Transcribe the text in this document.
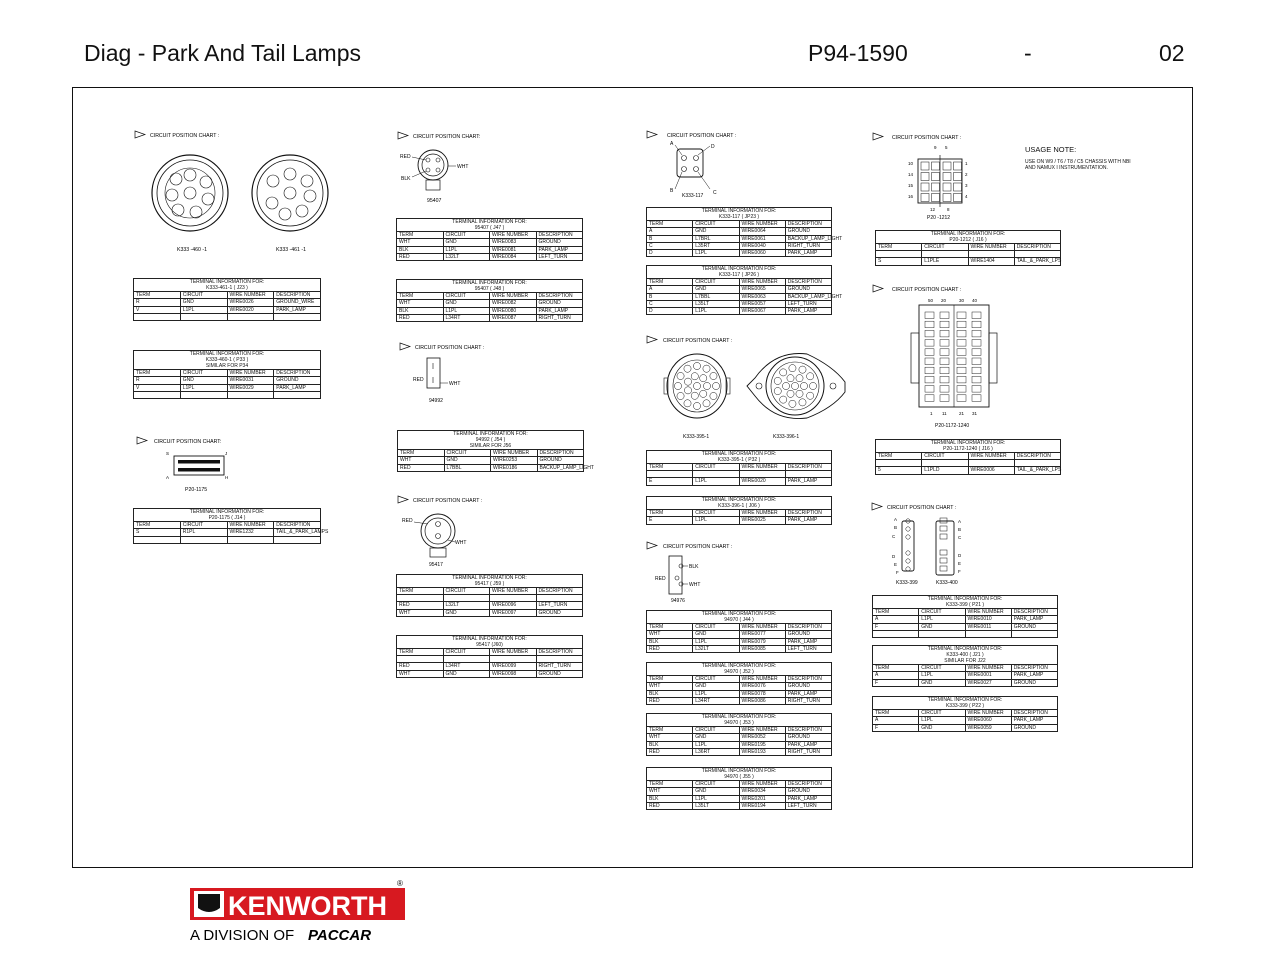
Diag - Park And Tail Lamps	P94-1590	-	02
CIRCUIT POSITION CHART :
K333 -460 -1	K333 -461 -1
TERMINAL INFORMATION FOR:
K333-461-1 ( J23 )			

TERM	CIRCUIT	WIRE NUMBER	DESCRIPTION
R	GND	WIRE0026	GROUND_WIRE
V	L1PL	WIRE0020	PARK_LAMP

TERMINAL INFORMATION FOR:
K333-460-1 ( P33 )
SIMILAR FOR P34			

TERM	CIRCUIT	WIRE NUMBER	DESCRIPTION
R	GND	WIRE0031	GROUND
V	L1PL	WIRE0029	PARK_LAMP

CIRCUIT POSITION CHART:
S	J
A	H
P20-1175
TERMINAL INFORMATION FOR:
P20-1175 ( J14 )			

TERM	CIRCUIT	WIRE NUMBER	DESCRIPTION
S	R1PL	WIRE1232	TAIL_&_PARK_LAMPS

CIRCUIT POSITION CHART:
RED
WHT
BLK
95407
TERMINAL INFORMATION FOR:
95407 ( J47 )			

TERM	CIRCUIT	WIRE NUMBER	DESCRIPTION
WHT	GND	WIRE0083	GROUND
BLK	L1PL	WIRE0081	PARK_LAMP
RED	L32LT	WIRE0084	LEFT_TURN
TERMINAL INFORMATION FOR:
95407 ( J48 )			

TERM	CIRCUIT	WIRE NUMBER	DESCRIPTION
WHT	GND	WIRE0082	GROUND
BLK	L1PL	WIRE0080	PARK_LAMP
RED	L34RT	WIRE0087	RIGHT_TURN
CIRCUIT POSITION CHART :
RED
WHT
94992
TERMINAL INFORMATION FOR:
94992 ( J54 )
SIMILAR FOR J56			

TERM	CIRCUIT	WIRE NUMBER	DESCRIPTION
WHT	GND	WIRE0253	GROUND
RED	L7BBL	WIRE0186	BACKUP_LAMP_LIGHT
CIRCUIT POSITION CHART :
RED
WHT
95417
TERMINAL INFORMATION FOR:
95417 ( J59 )			

TERM	CIRCUIT	WIRE NUMBER	DESCRIPTION

RED	L32LT	WIRE0096	LEFT_TURN
WHT	GND	WIRE0097	GROUND
TERMINAL INFORMATION FOR:
95417 (J60)			

TERM	CIRCUIT	WIRE NUMBER	DESCRIPTION

RED	L34RT	WIRE0099	RIGHT_TURN
WHT	GND	WIRE0098	GROUND
CIRCUIT POSITION CHART :
A	D
B	C
K333-117
TERMINAL INFORMATION FOR:
K333-117 ( JP23 )			

TERM	CIRCUIT	WIRE NUMBER	DESCRIPTION
A	GND	WIRE0064	GROUND
B	L7BRL	WIRE0061	BACKUP_LAMP_LIGHT
C	L35RT	WIRE0040	RIGHT_TURN
D	L1PL	WIRE0060	PARK_LAMP
TERMINAL INFORMATION FOR:
K333-117 ( JP26 )			

TERM	CIRCUIT	WIRE NUMBER	DESCRIPTION
A	GND	WIRE0065	GROUND
B	L7BBL	WIRE0063	BACKUP_LAMP_LIGHT
C	L35LT	WIRE0057	LEFT_TURN
D	L1PL	WIRE0067	PARK_LAMP
CIRCUIT POSITION CHART :
K333-395-1	K333-396-1
TERMINAL INFORMATION FOR:
K333-395-1 ( P32 )			

TERM	CIRCUIT	WIRE NUMBER	DESCRIPTION

E	L1PL	WIRE0020	PARK_LAMP
TERMINAL INFORMATION FOR:
K333-396-1 ( J06 )			

TERM	CIRCUIT	WIRE NUMBER	DESCRIPTION
E	L1PL	WIRE0025	PARK_LAMP
CIRCUIT POSITION CHART :
BLK
RED
WHT
94976
TERMINAL INFORMATION FOR:
94970 ( J44 )			

TERM	CIRCUIT	WIRE NUMBER	DESCRIPTION
WHT	GND	WIRE0077	GROUND
BLK	L1PL	WIRE0079	PARK_LAMP
RED	L32LT	WIRE0085	LEFT_TURN
TERMINAL INFORMATION FOR:
94970 ( J52 )			

TERM	CIRCUIT	WIRE NUMBER	DESCRIPTION
WHT	GND	WIRE0076	GROUND
BLK	L1PL	WIRE0078	PARK_LAMP
RED	L34RT	WIRE0086	RIGHT_TURN
TERMINAL INFORMATION FOR:
94970 ( J53 )			

TERM	CIRCUIT	WIRE NUMBER	DESCRIPTION
WHT	GND	WIRE0052	GROUND
BLK	L1PL	WIRE0195	PARK_LAMP
RED	L36RT	WIRE0193	RIGHT_TURN
TERMINAL INFORMATION FOR:
94970 ( J55 )			

TERM	CIRCUIT	WIRE NUMBER	DESCRIPTION
WHT	GND	WIRE0034	GROUND
BLK	L1PL	WIRE0201	PARK_LAMP
RED	L35LT	WIRE0194	LEFT_TURN
CIRCUIT POSITION CHART :
9 5
10
14
15
16
1
2
3
4
12	8
P20 -1212
USAGE NOTE:
USE ON W9 / T6 / T8 / C5 CHASSIS WITH NBI
AND NAMUX I INSTRUMENTATION.
TERMINAL INFORMATION FOR:
P20-1212 ( J16 )			

TERM	CIRCUIT	WIRE NUMBER	DESCRIPTION

S	L1PLE	WIRE1404	TAIL_&_PARK_LPS
CIRCUIT POSITION CHART :
50 20	30 40
1 11	21 31
P20-1172-1240
TERMINAL INFORMATION FOR:
P20-1172-1240 ( J16 )			

TERM	CIRCUIT	WIRE NUMBER	DESCRIPTION

5	L1PLD	WIRE0006	TAIL_&_PARK_LPS
CIRCUIT POSITION CHART :
A
B
C
D
E
F
A
B
C
D
E
F
K333-399	K333-400
TERMINAL INFORMATION FOR:
K333-399 ( P21 )			

TERM	CIRCUIT	WIRE NUMBER	DESCRIPTION
A	L1PL	WIRE0010	PARK_LAMP
F	GND	WIRE0011	GROUND

TERMINAL INFORMATION FOR:
K333-400 ( J21 )
SIMILAR FOR J22			

TERM	CIRCUIT	WIRE NUMBER	DESCRIPTION
A	L1PL	WIRE0001	PARK_LAMP
F	GND	WIRE0027	GROUND
TERMINAL INFORMATION FOR:
K333-399 ( P22 )			

TERM	CIRCUIT	WIRE NUMBER	DESCRIPTION
A	L1PL	WIRE0060	PARK_LAMP
F	GND	WIRE0059	GROUND
KENWORTH
®
A DIVISION OF PACCAR
